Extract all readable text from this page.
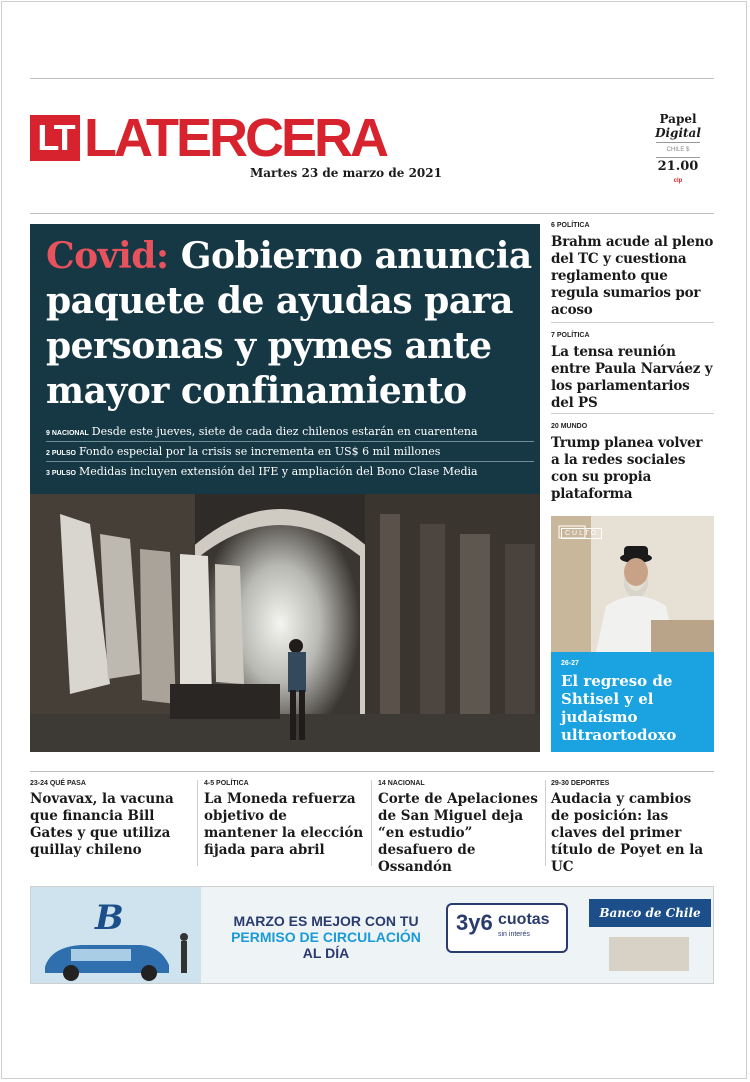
LT LATERCERA
Martes 23 de marzo de 2021
Papel
Digital
CHILE $
21.00
clp
Covid: Gobierno anuncia paquete de ayudas para personas y pymes ante mayor confinamiento
9 NACIONAL Desde este jueves, siete de cada diez chilenos estarán en cuarentena
2 PULSO Fondo especial por la crisis se incrementa en US$ 6 mil millones
3 PULSO Medidas incluyen extensión del IFE y ampliación del Bono Clase Media
6 POLÍTICA
Brahm acude al pleno del TC y cuestiona reglamento que regula sumarios por acoso
7 POLÍTICA
La tensa reunión entre Paula Narváez y los parlamentarios del PS
20 MUNDO
Trump planea volver a la redes sociales con su propia plataforma
CULTO
26-27
El regreso de Shtisel y el judaísmo ultraortodoxo
23-24 QUÉ PASA
Novavax, la vacuna que financia Bill Gates y que utiliza quillay chileno
4-5 POLÍTICA
La Moneda refuerza objetivo de mantener la elección fijada para abril
14 NACIONAL
Corte de Apelaciones de San Miguel deja “en estudio” desafuero de Ossandón
29-30 DEPORTES
Audacia y cambios de posición: las claves del primer título de Poyet en la UC
B	MARZO ES MEJOR CON TU
PERMISO DE CIRCULACIÓN
AL DÍA
3y6 cuotas
sin interés
Banco de Chile
